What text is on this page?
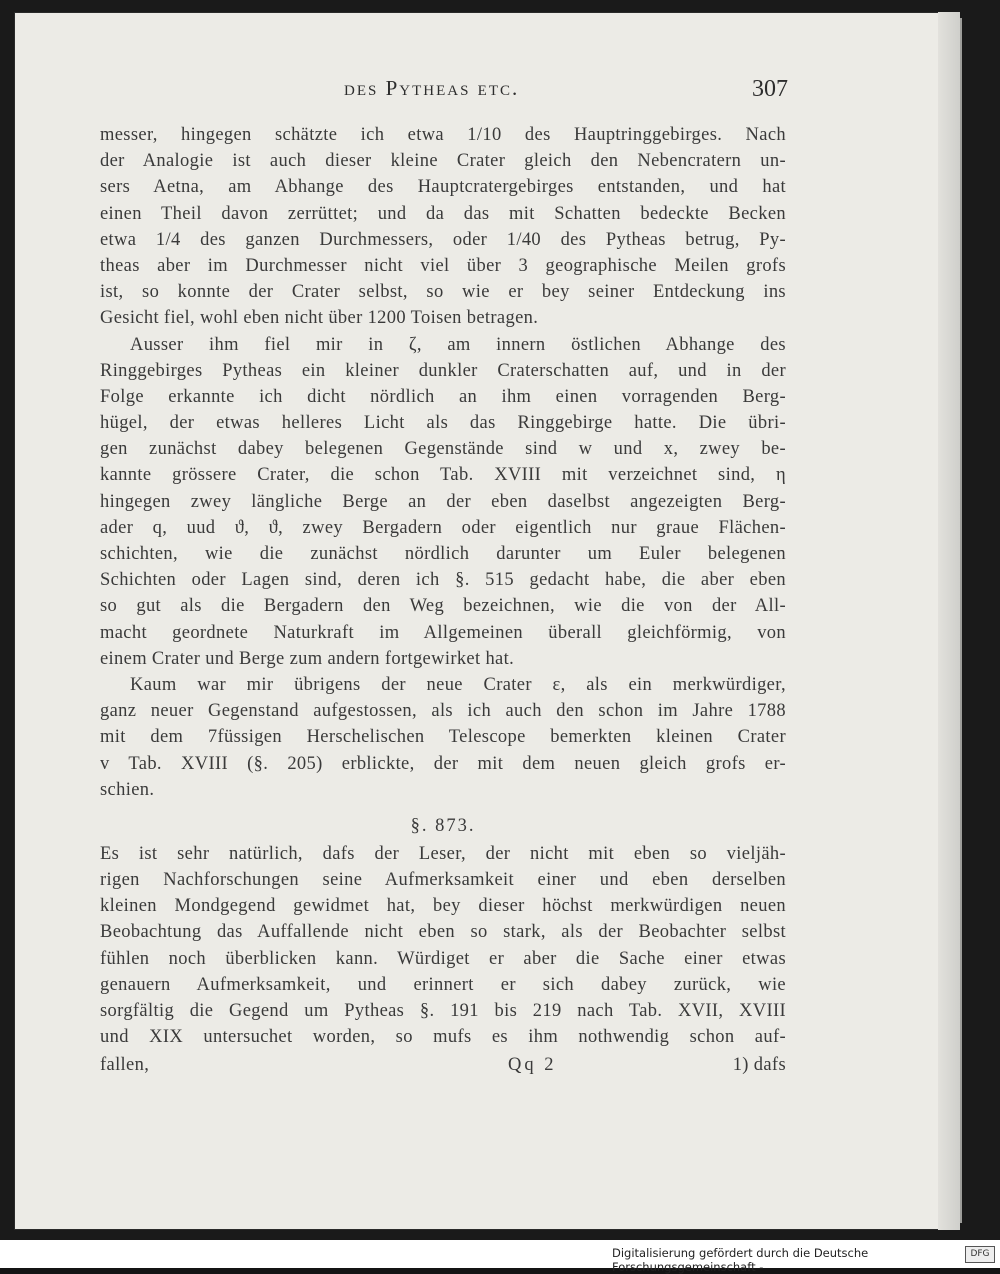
des Pytheas etc.	307
messer, hingegen schätzte ich etwa 1/10 des Hauptringgebirges. Nach
der Analogie ist auch dieser kleine Crater gleich den Nebencratern un-
sers Aetna, am Abhange des Hauptcratergebirges entstanden, und hat
einen Theil davon zerrüttet; und da das mit Schatten bedeckte Becken
etwa 1/4 des ganzen Durchmessers, oder 1/40 des Pytheas betrug, Py-
theas aber im Durchmesser nicht viel über 3 geographische Meilen grofs
ist, so konnte der Crater selbst, so wie er bey seiner Entdeckung ins
Gesicht fiel, wohl eben nicht über 1200 Toisen betragen.
Ausser ihm fiel mir in ζ, am innern östlichen Abhange des
Ringgebirges Pytheas ein kleiner dunkler Craterschatten auf, und in der
Folge erkannte ich dicht nördlich an ihm einen vorragenden Berg-
hügel, der etwas helleres Licht als das Ringgebirge hatte. Die übri-
gen zunächst dabey belegenen Gegenstände sind w und x, zwey be-
kannte grössere Crater, die schon Tab. XVIII mit verzeichnet sind, η
hingegen zwey längliche Berge an der eben daselbst angezeigten Berg-
ader q, uud ϑ, ϑ, zwey Bergadern oder eigentlich nur graue Flächen-
schichten, wie die zunächst nördlich darunter um Euler belegenen
Schichten oder Lagen sind, deren ich §. 515 gedacht habe, die aber eben
so gut als die Bergadern den Weg bezeichnen, wie die von der All-
macht geordnete Naturkraft im Allgemeinen überall gleichförmig, von
einem Crater und Berge zum andern fortgewirket hat.
Kaum war mir übrigens der neue Crater ε, als ein merkwürdiger,
ganz neuer Gegenstand aufgestossen, als ich auch den schon im Jahre 1788
mit dem 7füssigen Herschelischen Telescope bemerkten kleinen Crater
v Tab. XVIII (§. 205) erblickte, der mit dem neuen gleich grofs er-
schien.
§. 873.
Es ist sehr natürlich, dafs der Leser, der nicht mit eben so vieljäh-
rigen Nachforschungen seine Aufmerksamkeit einer und eben derselben
kleinen Mondgegend gewidmet hat, bey dieser höchst merkwürdigen neuen
Beobachtung das Auffallende nicht eben so stark, als der Beobachter selbst
fühlen noch überblicken kann. Würdiget er aber die Sache einer etwas
genauern Aufmerksamkeit, und erinnert er sich dabey zurück, wie
sorgfältig die Gegend um Pytheas §. 191 bis 219 nach Tab. XVII, XVIII
und XIX untersuchet worden, so mufs es ihm nothwendig schon auf-
fallen,	Qq 2	1) dafs
Digitalisierung gefördert durch die Deutsche Forschungsgemeinschaft -
DFG
